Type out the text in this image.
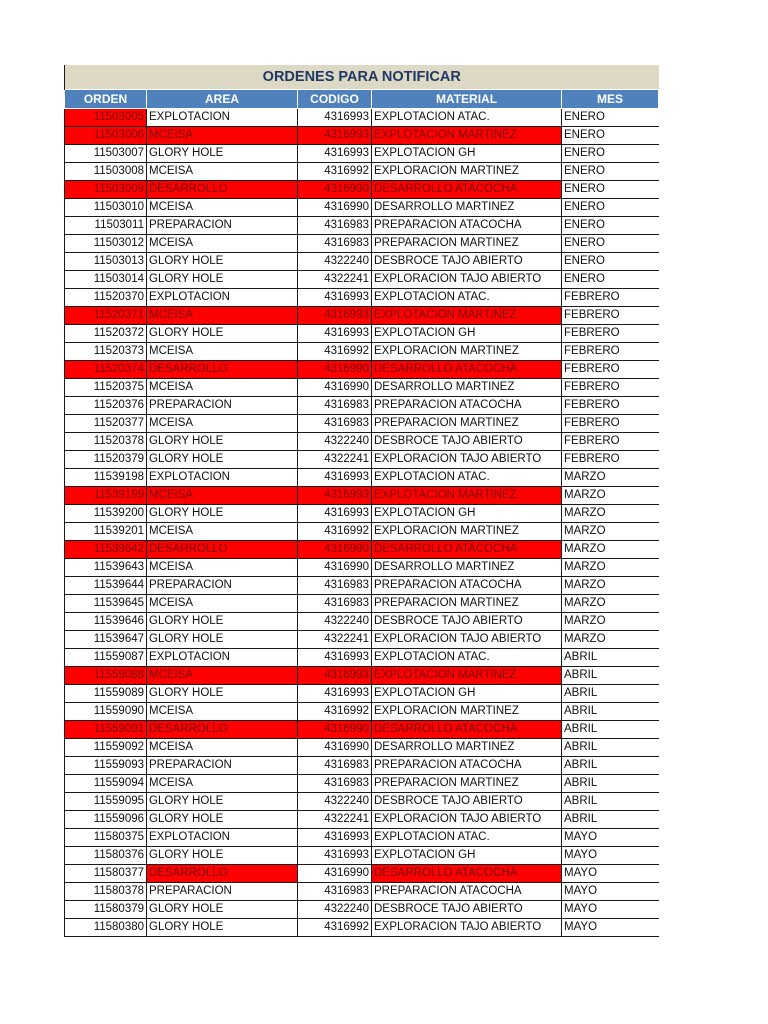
ORDENES PARA NOTIFICAR				
ORDEN	AREA	CODIGO	MATERIAL	MES
11503005	EXPLOTACION	4316993	EXPLOTACION ATAC.	ENERO
11503006	MCEISA	4316993	EXPLOTACION MARTINEZ	ENERO
11503007	GLORY HOLE	4316993	EXPLOTACION GH	ENERO
11503008	MCEISA	4316992	EXPLORACION MARTINEZ	ENERO
11503009	DESARROLLO	4316990	DESARROLLO ATACOCHA	ENERO
11503010	MCEISA	4316990	DESARROLLO MARTINEZ	ENERO
11503011	PREPARACION	4316983	PREPARACION ATACOCHA	ENERO
11503012	MCEISA	4316983	PREPARACION MARTINEZ	ENERO
11503013	GLORY HOLE	4322240	DESBROCE TAJO ABIERTO	ENERO
11503014	GLORY HOLE	4322241	EXPLORACION TAJO ABIERTO	ENERO
11520370	EXPLOTACION	4316993	EXPLOTACION ATAC.	FEBRERO
11520371	MCEISA	4316993	EXPLOTACION MARTINEZ	FEBRERO
11520372	GLORY HOLE	4316993	EXPLOTACION GH	FEBRERO
11520373	MCEISA	4316992	EXPLORACION MARTINEZ	FEBRERO
11520374	DESARROLLO	4316990	DESARROLLO ATACOCHA	FEBRERO
11520375	MCEISA	4316990	DESARROLLO MARTINEZ	FEBRERO
11520376	PREPARACION	4316983	PREPARACION ATACOCHA	FEBRERO
11520377	MCEISA	4316983	PREPARACION MARTINEZ	FEBRERO
11520378	GLORY HOLE	4322240	DESBROCE TAJO ABIERTO	FEBRERO
11520379	GLORY HOLE	4322241	EXPLORACION TAJO ABIERTO	FEBRERO
11539198	EXPLOTACION	4316993	EXPLOTACION ATAC.	MARZO
11539199	MCEISA	4316993	EXPLOTACION MARTINEZ	MARZO
11539200	GLORY HOLE	4316993	EXPLOTACION GH	MARZO
11539201	MCEISA	4316992	EXPLORACION MARTINEZ	MARZO
11539642	DESARROLLO	4316990	DESARROLLO ATACOCHA	MARZO
11539643	MCEISA	4316990	DESARROLLO MARTINEZ	MARZO
11539644	PREPARACION	4316983	PREPARACION ATACOCHA	MARZO
11539645	MCEISA	4316983	PREPARACION MARTINEZ	MARZO
11539646	GLORY HOLE	4322240	DESBROCE TAJO ABIERTO	MARZO
11539647	GLORY HOLE	4322241	EXPLORACION TAJO ABIERTO	MARZO
11559087	EXPLOTACION	4316993	EXPLOTACION ATAC.	ABRIL
11559088	MCEISA	4316993	EXPLOTACION MARTINEZ	ABRIL
11559089	GLORY HOLE	4316993	EXPLOTACION GH	ABRIL
11559090	MCEISA	4316992	EXPLORACION MARTINEZ	ABRIL
11559091	DESARROLLO	4316990	DESARROLLO ATACOCHA	ABRIL
11559092	MCEISA	4316990	DESARROLLO MARTINEZ	ABRIL
11559093	PREPARACION	4316983	PREPARACION ATACOCHA	ABRIL
11559094	MCEISA	4316983	PREPARACION MARTINEZ	ABRIL
11559095	GLORY HOLE	4322240	DESBROCE TAJO ABIERTO	ABRIL
11559096	GLORY HOLE	4322241	EXPLORACION TAJO ABIERTO	ABRIL
11580375	EXPLOTACION	4316993	EXPLOTACION ATAC.	MAYO
11580376	GLORY HOLE	4316993	EXPLOTACION GH	MAYO
11580377	DESARROLLO	4316990	DESARROLLO ATACOCHA	MAYO
11580378	PREPARACION	4316983	PREPARACION ATACOCHA	MAYO
11580379	GLORY HOLE	4322240	DESBROCE TAJO ABIERTO	MAYO
11580380	GLORY HOLE	4316992	EXPLORACION TAJO ABIERTO	MAYO
